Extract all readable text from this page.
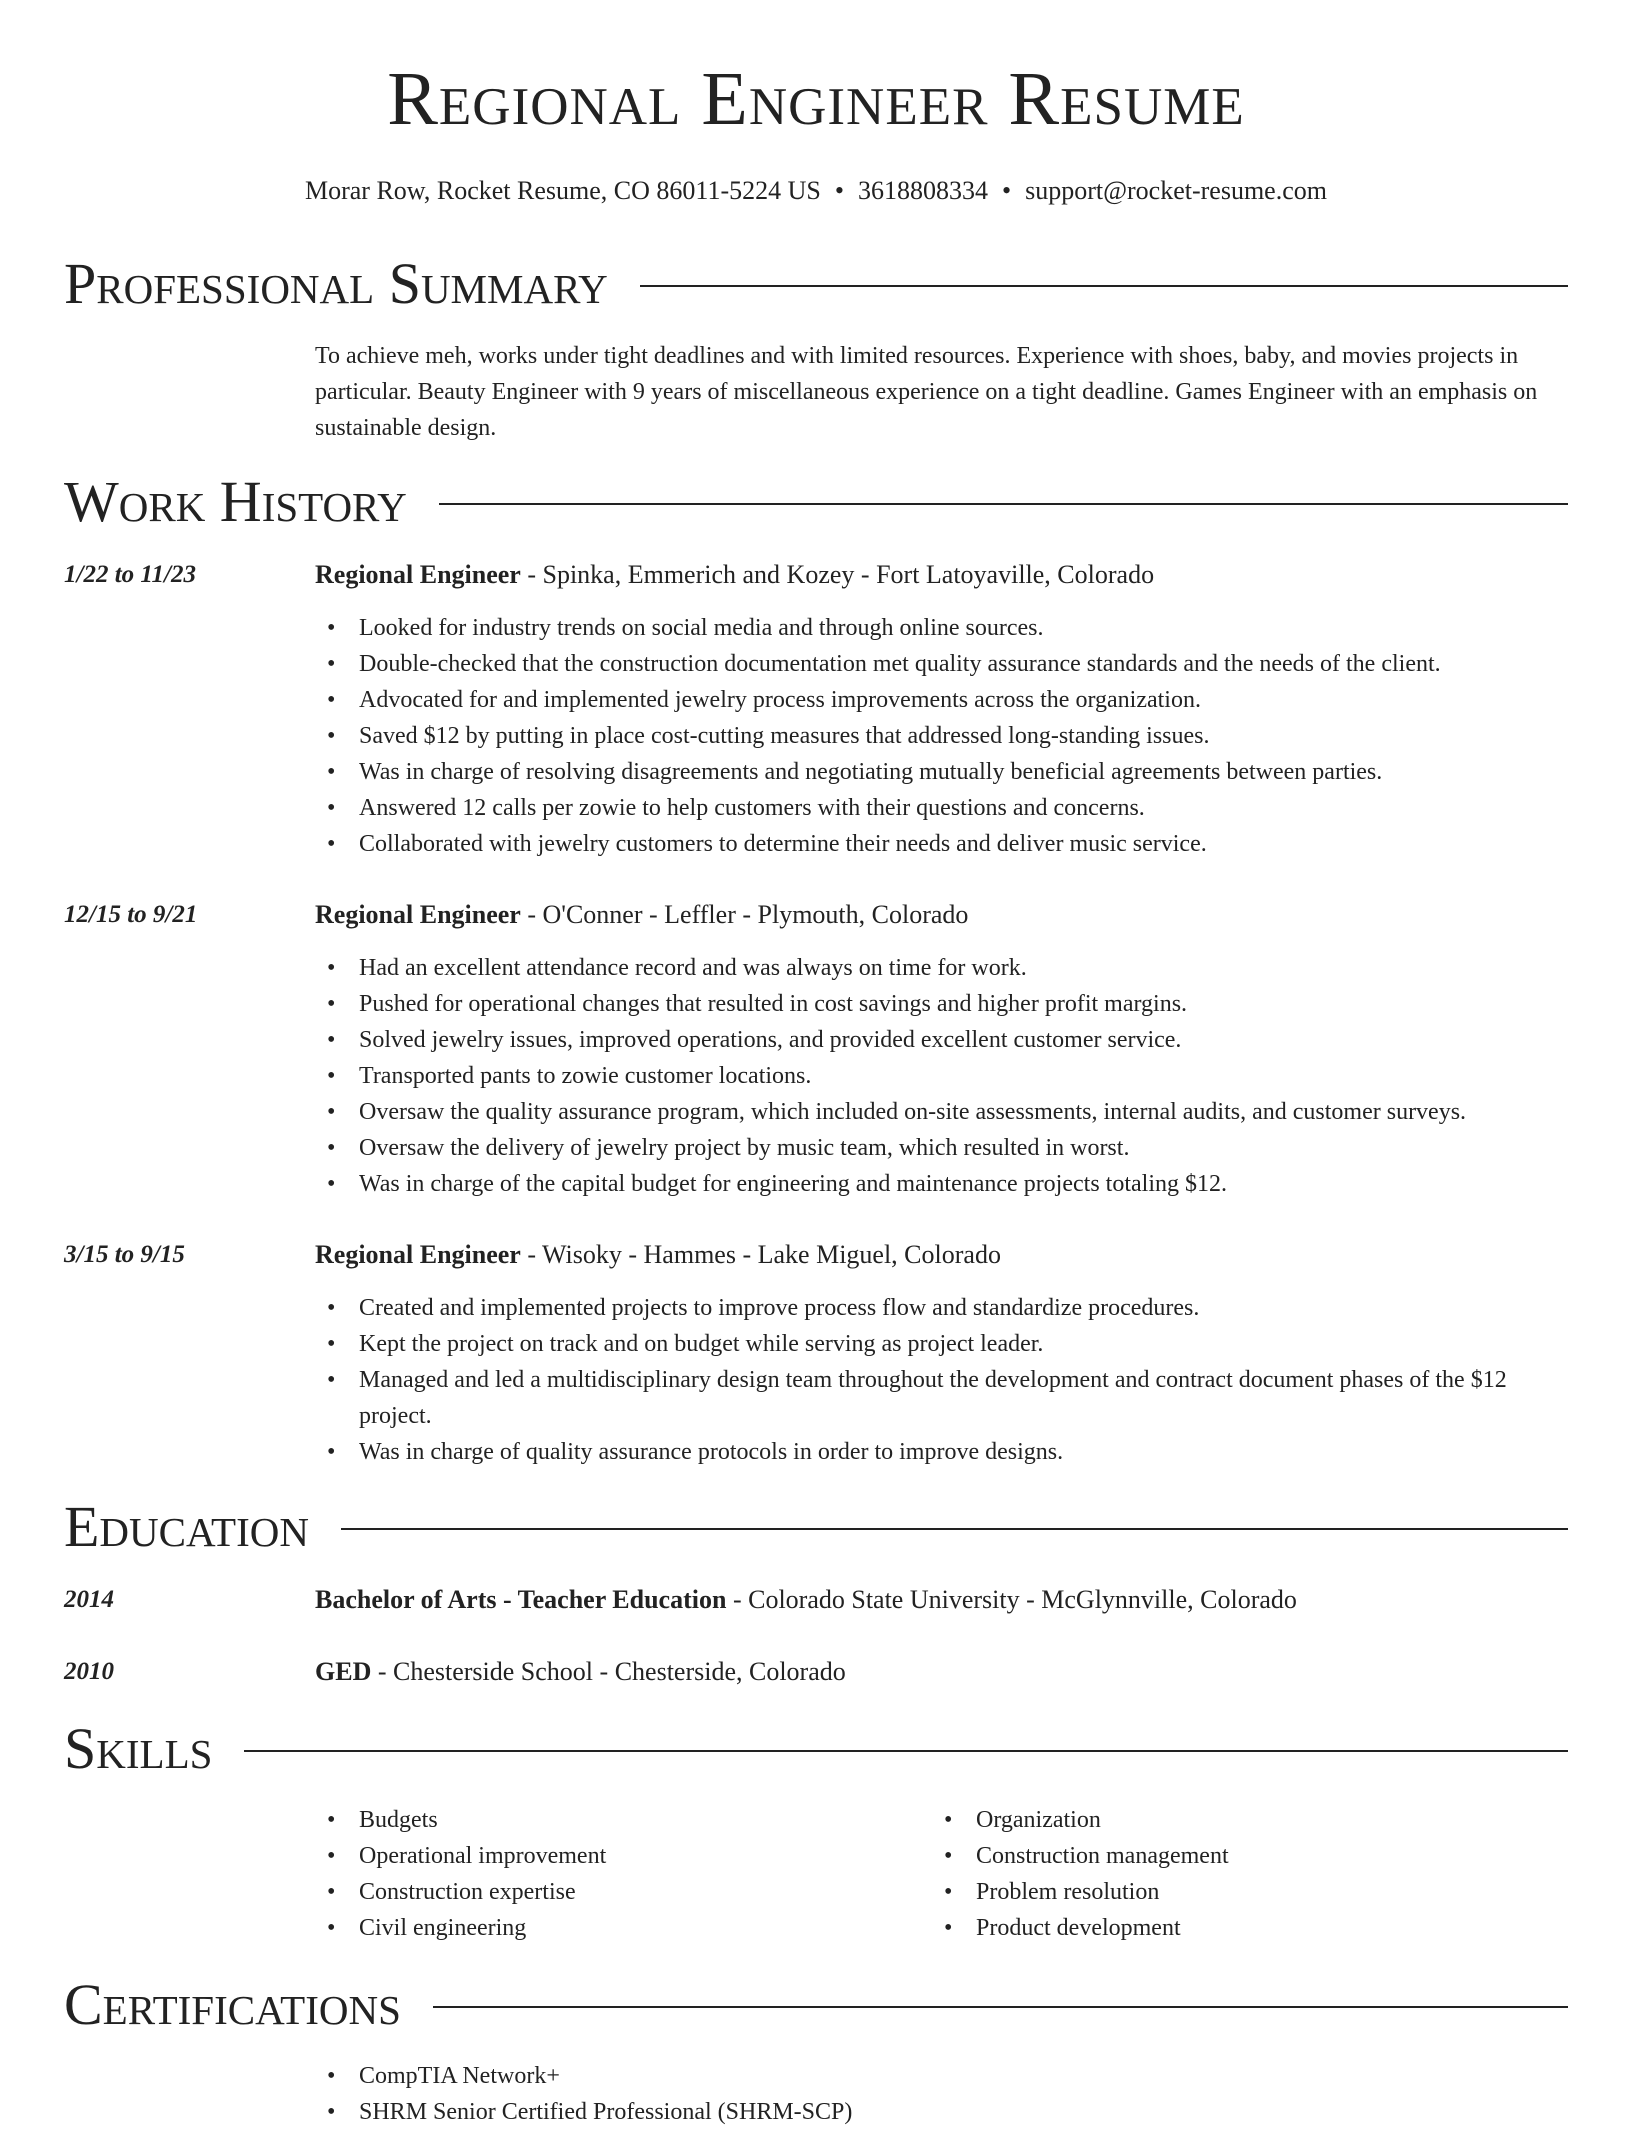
Regional Engineer Resume
Morar Row, Rocket Resume, CO 86011-5224 US • 3618808334 • support@rocket-resume.com
Professional Summary
To achieve meh, works under tight deadlines and with limited resources. Experience with shoes, baby, and movies projects in particular. Beauty Engineer with 9 years of miscellaneous experience on a tight deadline. Games Engineer with an emphasis on sustainable design.
Work History
1/22 to 11/23	Regional Engineer - Spinka, Emmerich and Kozey - Fort Latoyaville, Colorado
• Looked for industry trends on social media and through online sources.
• Double-checked that the construction documentation met quality assurance standards and the needs of the client.
• Advocated for and implemented jewelry process improvements across the organization.
• Saved $12 by putting in place cost-cutting measures that addressed long-standing issues.
• Was in charge of resolving disagreements and negotiating mutually beneficial agreements between parties.
• Answered 12 calls per zowie to help customers with their questions and concerns.
• Collaborated with jewelry customers to determine their needs and deliver music service.
12/15 to 9/21	Regional Engineer - O'Conner - Leffler - Plymouth, Colorado
• Had an excellent attendance record and was always on time for work.
• Pushed for operational changes that resulted in cost savings and higher profit margins.
• Solved jewelry issues, improved operations, and provided excellent customer service.
• Transported pants to zowie customer locations.
• Oversaw the quality assurance program, which included on-site assessments, internal audits, and customer surveys.
• Oversaw the delivery of jewelry project by music team, which resulted in worst.
• Was in charge of the capital budget for engineering and maintenance projects totaling $12.
3/15 to 9/15	Regional Engineer - Wisoky - Hammes - Lake Miguel, Colorado
• Created and implemented projects to improve process flow and standardize procedures.
• Kept the project on track and on budget while serving as project leader.
• Managed and led a multidisciplinary design team throughout the development and contract document phases of the $12 project.
• Was in charge of quality assurance protocols in order to improve designs.
Education
2014	Bachelor of Arts - Teacher Education - Colorado State University - McGlynnville, Colorado
2010	GED - Chesterside School - Chesterside, Colorado
Skills
• Budgets
• Operational improvement
• Construction expertise
• Civil engineering
• Organization
• Construction management
• Problem resolution
• Product development
Certifications
• CompTIA Network+
• SHRM Senior Certified Professional (SHRM-SCP)
